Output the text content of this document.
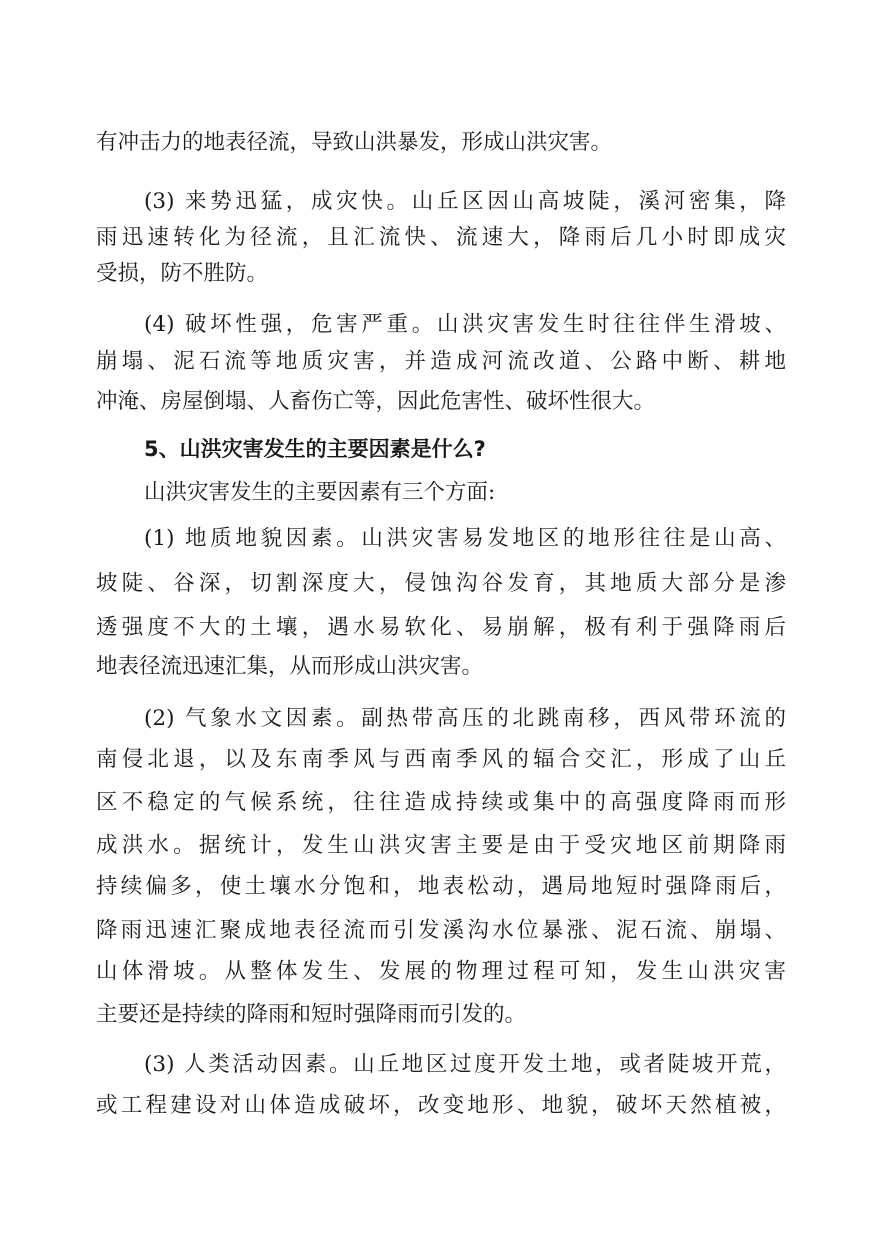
有冲击力的地表径流，导致山洪暴发，形成山洪灾害。
(3) 来势迅猛，成灾快。山丘区因山高坡陡，溪河密集，降
雨迅速转化为径流，且汇流快、流速大，降雨后几小时即成灾
受损，防不胜防。
(4) 破坏性强，危害严重。山洪灾害发生时往往伴生滑坡、
崩塌、泥石流等地质灾害，并造成河流改道、公路中断、耕地
冲淹、房屋倒塌、人畜伤亡等，因此危害性、破坏性很大。
5、山洪灾害发生的主要因素是什么?
山洪灾害发生的主要因素有三个方面:
(1) 地质地貌因素。山洪灾害易发地区的地形往往是山高、
坡陡、谷深，切割深度大，侵蚀沟谷发育，其地质大部分是渗
透强度不大的土壤，遇水易软化、易崩解，极有利于强降雨后
地表径流迅速汇集，从而形成山洪灾害。
(2) 气象水文因素。副热带高压的北跳南移，西风带环流的
南侵北退，以及东南季风与西南季风的辐合交汇，形成了山丘
区不稳定的气候系统，往往造成持续或集中的高强度降雨而形
成洪水。据统计，发生山洪灾害主要是由于受灾地区前期降雨
持续偏多，使土壤水分饱和，地表松动，遇局地短时强降雨后，
降雨迅速汇聚成地表径流而引发溪沟水位暴涨、泥石流、崩塌、
山体滑坡。从整体发生、发展的物理过程可知，发生山洪灾害
主要还是持续的降雨和短时强降雨而引发的。
(3) 人类活动因素。山丘地区过度开发土地，或者陡坡开荒，
或工程建设对山体造成破坏，改变地形、地貌，破坏天然植被，
